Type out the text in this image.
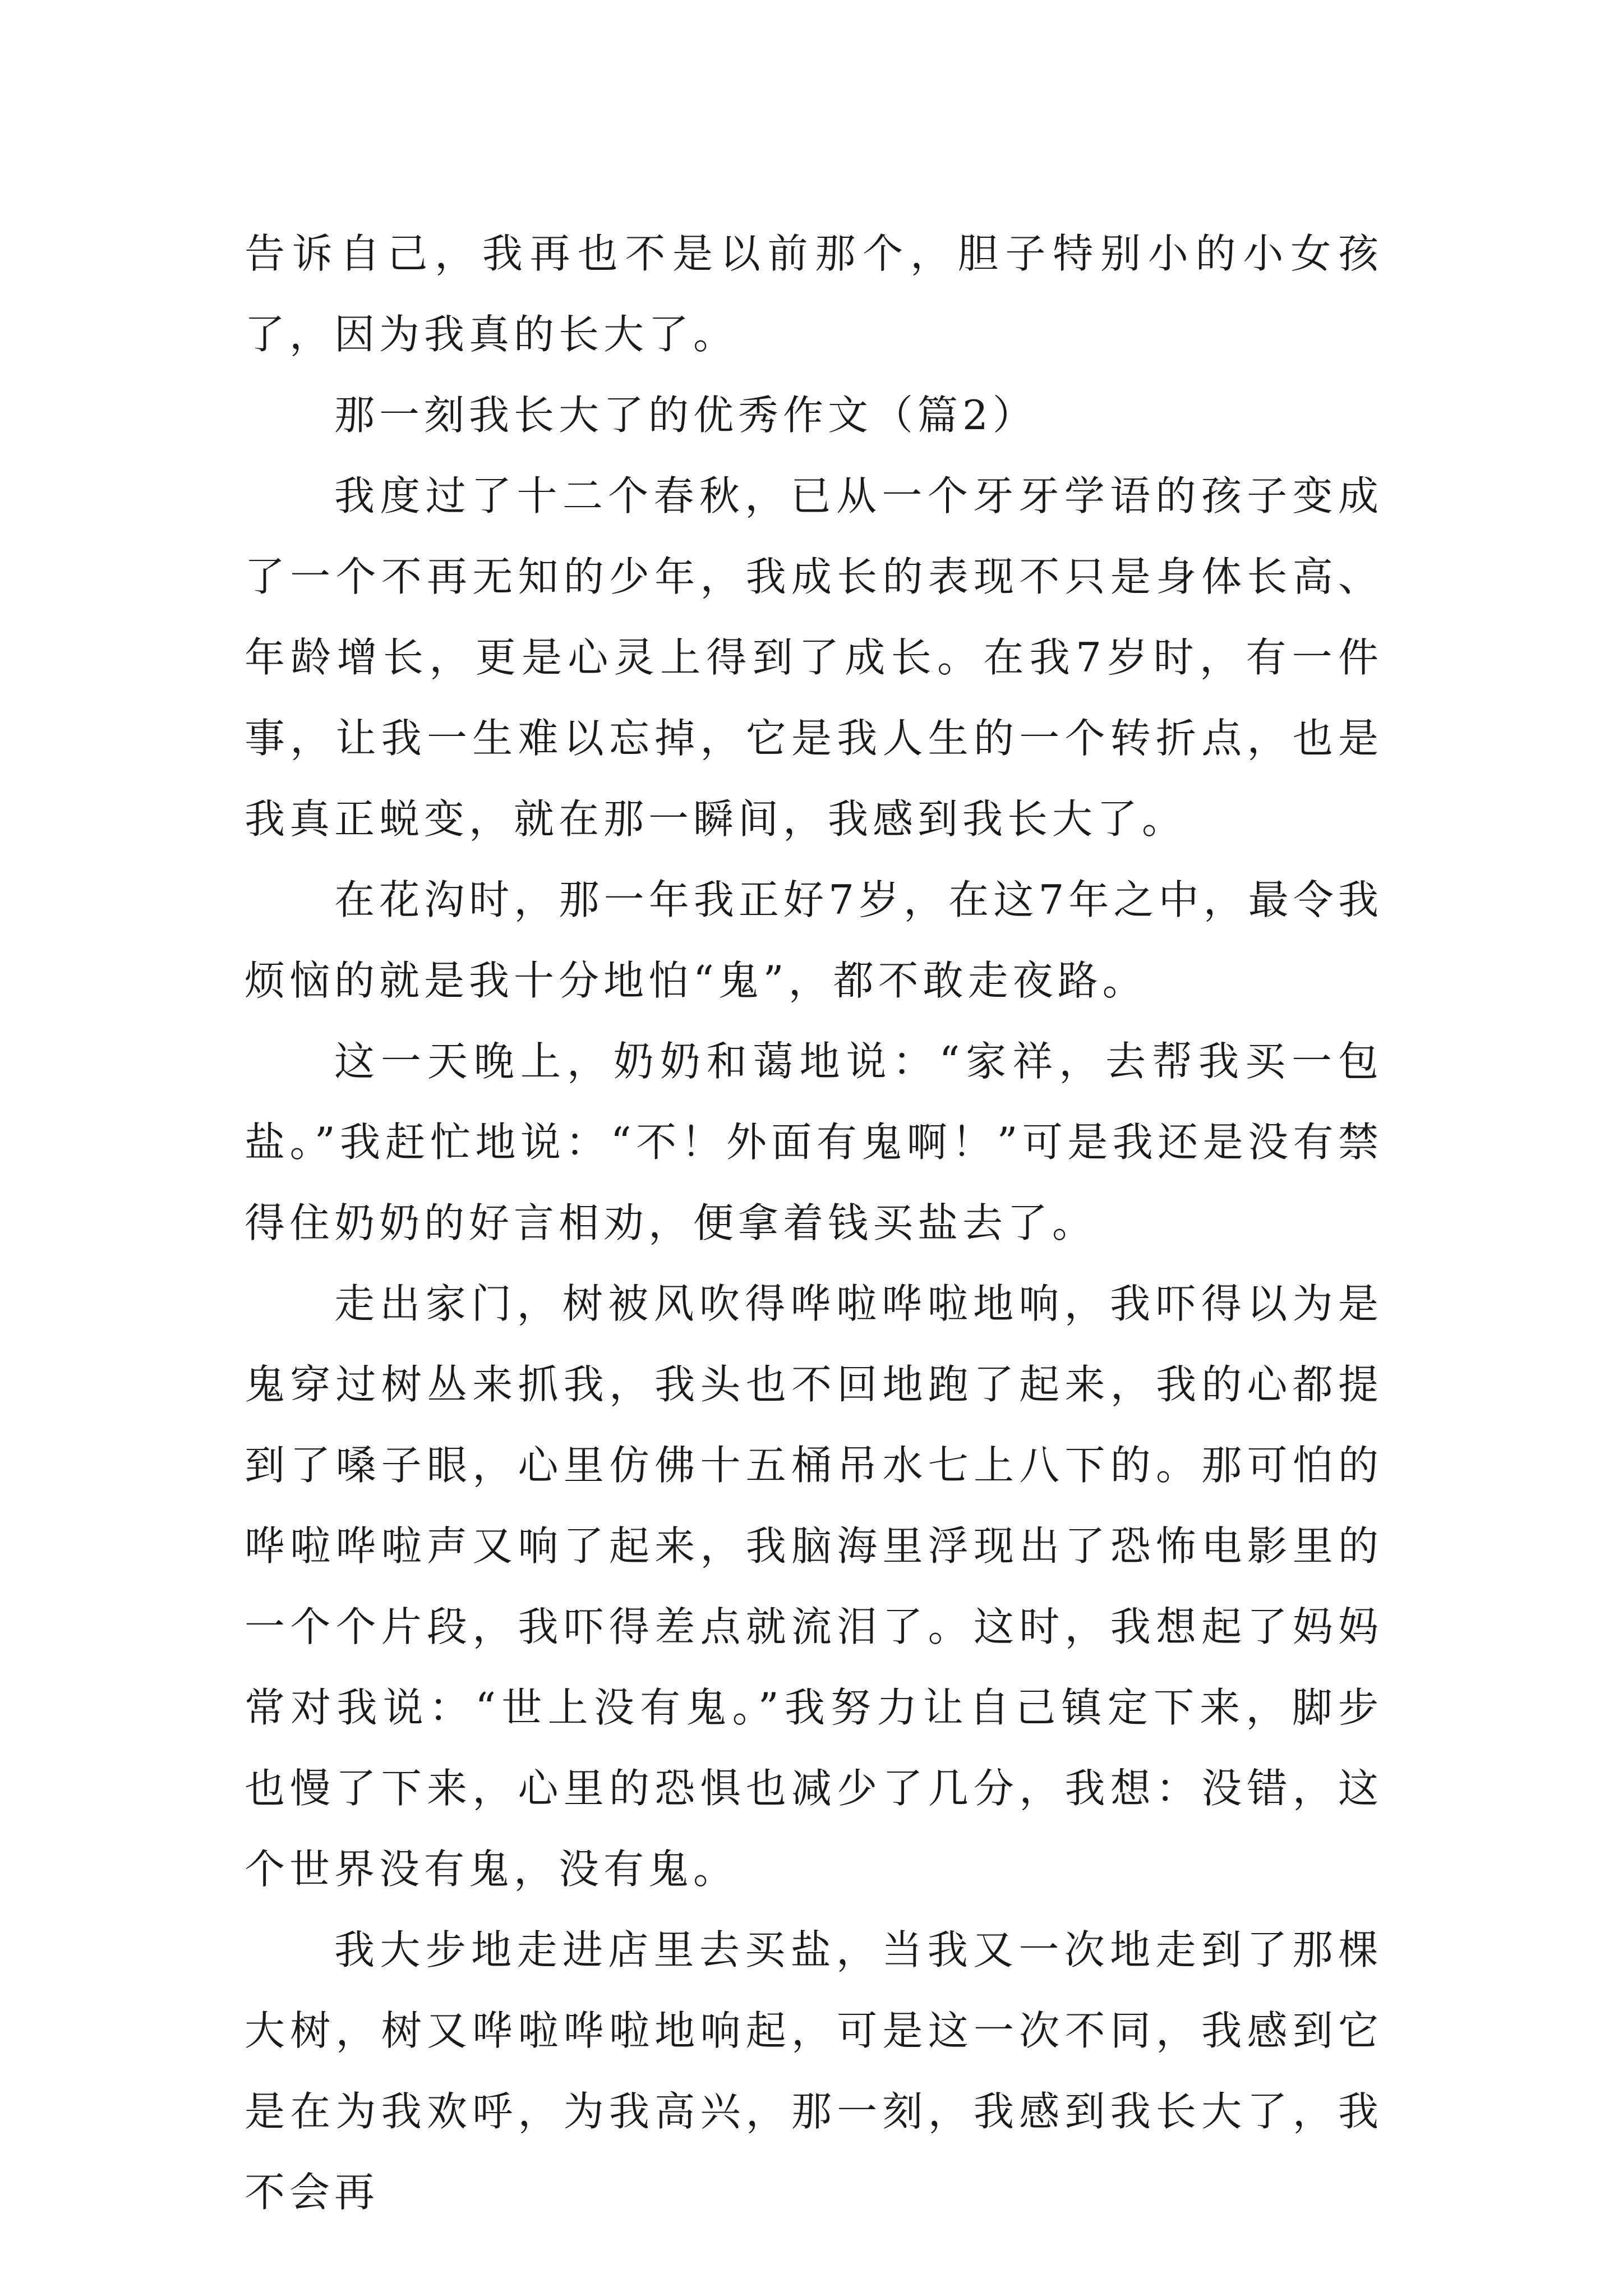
告诉自己，我再也不是以前那个，胆子特别小的小女孩了，因为我真的长大了。

那一刻我长大了的优秀作文（篇2）

我度过了十二个春秋，已从一个牙牙学语的孩子变成了一个不再无知的少年，我成长的表现不只是身体长高、年龄增长，更是心灵上得到了成长。在我7岁时，有一件事，让我一生难以忘掉，它是我人生的一个转折点，也是我真正蜕变，就在那一瞬间，我感到我长大了。

在花沟时，那一年我正好7岁，在这7年之中，最令我烦恼的就是我十分地怕“鬼”，都不敢走夜路。

这一天晚上，奶奶和蔼地说：“家祥，去帮我买一包盐。”我赶忙地说：“不！外面有鬼啊！”可是我还是没有禁得住奶奶的好言相劝，便拿着钱买盐去了。

走出家门，树被风吹得哗啦哗啦地响，我吓得以为是鬼穿过树丛来抓我，我头也不回地跑了起来，我的心都提到了嗓子眼，心里仿佛十五桶吊水七上八下的。那可怕的哗啦哗啦声又响了起来，我脑海里浮现出了恐怖电影里的一个个片段，我吓得差点就流泪了。这时，我想起了妈妈常对我说：“世上没有鬼。”我努力让自己镇定下来，脚步也慢了下来，心里的恐惧也减少了几分，我想：没错，这个世界没有鬼，没有鬼。

我大步地走进店里去买盐，当我又一次地走到了那棵大树，树又哗啦哗啦地响起，可是这一次不同，我感到它是在为我欢呼，为我高兴，那一刻，我感到我长大了，我不会再
